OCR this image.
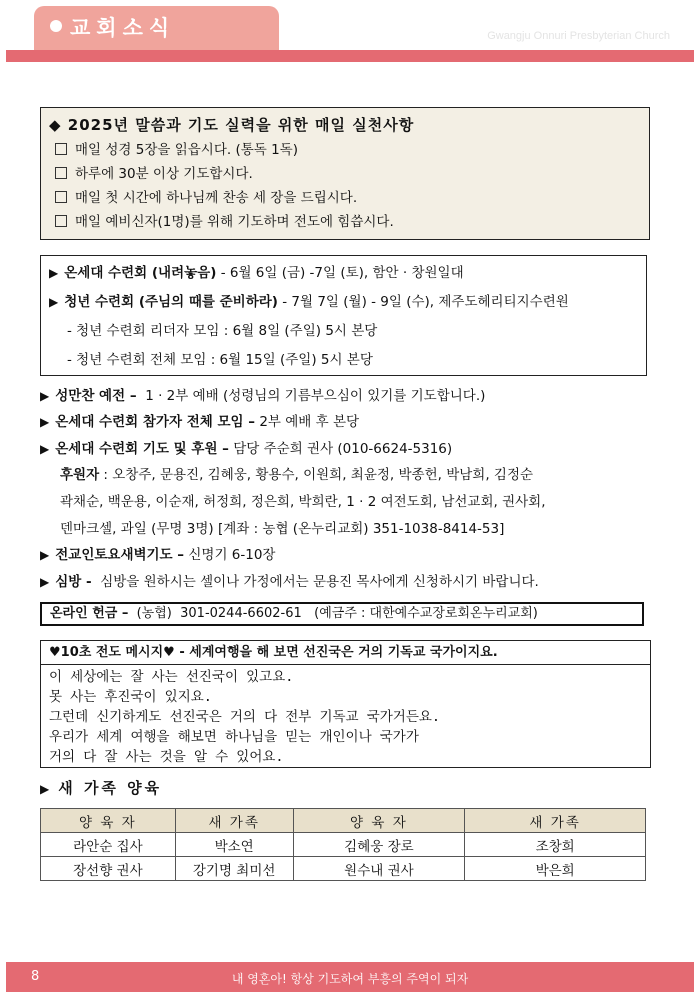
교회소식	Gwangju Onnuri Presbyterian Church
◆ 2025년 말씀과 기도 실력을 위한 매일 실천사항
매일 성경 5장을 읽읍시다. (통독 1독)
하루에 30분 이상 기도합시다.
매일 첫 시간에 하나님께 찬송 세 장을 드립시다.
매일 예비신자(1명)를 위해 기도하며 전도에 힘씁시다.
▶ 온세대 수련회 (내려놓음) - 6월 6일 (금) -7일 (토), 함안 · 창원일대
▶ 청년 수련회 (주님의 때를 준비하라) - 7월 7일 (월) - 9일 (수), 제주도헤리티지수련원
- 청년 수련회 리더자 모임 : 6월 8일 (주일) 5시 본당
- 청년 수련회 전체 모임 : 6월 15일 (주일) 5시 본당
▶ 성만찬 예전 – 1 · 2부 예배 (성령님의 기름부으심이 있기를 기도합니다.)
▶ 온세대 수련회 참가자 전체 모임 – 2부 예배 후 본당
▶ 온세대 수련회 기도 및 후원 – 담당 주순희 권사 (010-6624-5316)
후원자 : 오창주, 문용진, 김혜웅, 황용수, 이원희, 최윤정, 박종헌, 박남희, 김정순
곽채순, 백운용, 이순재, 허정희, 정은희, 박희란, 1 · 2 여전도회, 남선교회, 권사회,
덴마크셀, 과일 (무명 3명) [계좌 : 농협 (온누리교회) 351-1038-8414-53]
▶ 전교인토요새벽기도 – 신명기 6-10장
▶ 심방 - 심방을 원하시는 셀이나 가정에서는 문용진 목사에게 신청하시기 바랍니다.
온라인 헌금 – (농협) 301-0244-6602-61 (예금주 : 대한예수교장로회온누리교회)
♥10초 전도 메시지♥ - 세계여행을 해 보면 선진국은 거의 기독교 국가이지요.
이 세상에는 잘 사는 선진국이 있고요.
못 사는 후진국이 있지요.
그런데 신기하게도 선진국은 거의 다 전부 기독교 국가거든요.
우리가 세계 여행을 해보면 하나님을 믿는 개인이나 국가가
거의 다 잘 사는 것을 알 수 있어요.
▶ 새 가족 양육
양 육 자	새 가족	양 육 자	새 가족
라안순 집사	박소연	김혜웅 장로	조창희
장선향 권사	강기명 최미선	원수내 권사	박은희
8	내 영혼아! 항상 기도하여 부흥의 주역이 되자
